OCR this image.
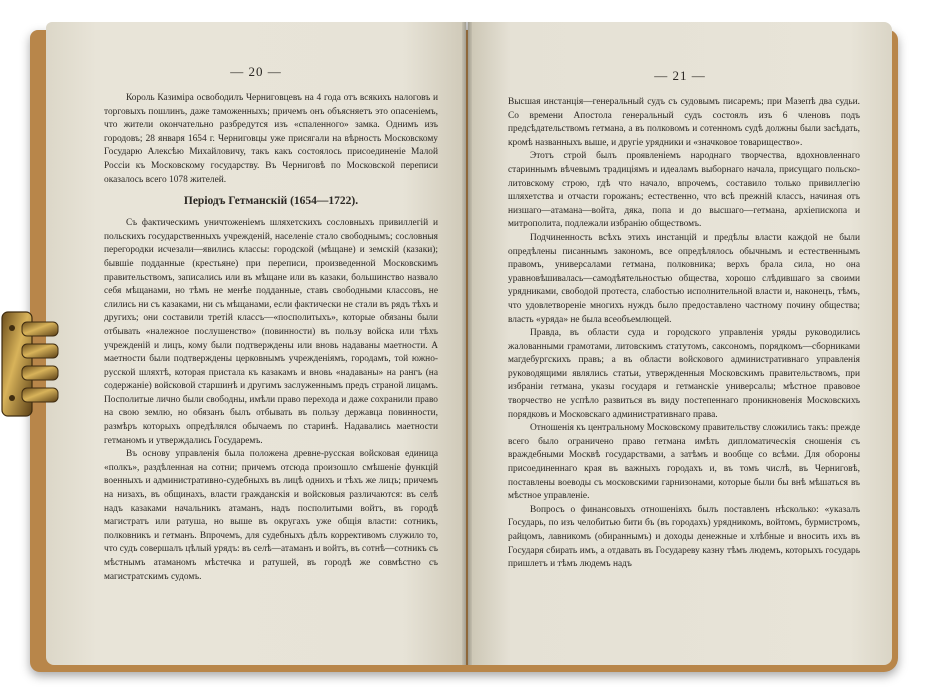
— 20 —

Король Казиміра освободилъ Черниговцевъ на 4 года отъ всякихъ налоговъ и торговыхъ пошлинъ, даже таможенныхъ; причемъ онъ объясняетъ это опасеніемъ, что жители окончательно разбредутся изъ «спаленного» замка. Однимъ изъ городовъ; 28 января 1654 г. Черниговцы уже присягали на вѣрность Московскому Государю Алексѣю Михайловичу, такъ какъ состоялось присоединеніе Малой Россіи къ Московскому государству. Въ Черниговѣ по Московской переписи оказалось всего 1078 жителей.

Періодъ Гетманскій (1654—1722).

Съ фактическимъ уничтоженіемъ шляхетскихъ сословныхъ привиллегій и польскихъ государственныхъ учрежденій, населеніе стало свободнымъ; сословныя перегородки исчезали—явились классы: городской (мѣщане) и земскій (казаки); бывшіе подданные (крестьяне) при переписи, произведенной Московскимъ правительствомъ, записались или въ мѣщане или въ казаки, большинство назвало себя мѣщанами, но тѣмъ не менѣе подданные, ставъ свободными классовъ, не слились ни съ казаками, ни съ мѣщанами, если фактически не стали въ рядъ тѣхъ и другихъ; они составили третій классъ—«посполитыхъ», которые обязаны были отбывать «належное послушенство» (повинности) въ пользу войска или тѣхъ учрежденій и лицъ, кому были подтверждены или вновь надаваны маетности. А маетности были подтверждены церковнымъ учрежденіямъ, городамъ, той южно-русской шляхтѣ, которая пристала къ казакамъ и вновь «надаваны» на рангъ (на содержаніе) войсковой старшинѣ и другимъ заслуженнымъ предъ страной лицамъ. Посполитые лично были свободны, имѣли право перехода и даже сохранили право на свою землю, но обязанъ былъ отбывать въ пользу державца повинности, размѣръ которыхъ опредѣлялся обычаемъ по старинѣ. Надавались маетности гетманомъ и утверждались Государемъ.

Въ основу управленія была положена древне-русская войсковая единица «полкъ», раздѣленная на сотни; причемъ отсюда произошло смѣшеніе функцій военныхъ и административно-судебныхъ въ лицѣ однихъ и тѣхъ же лицъ; причемъ на низахъ, въ общинахъ, власти гражданскія и войсковыя различаются: въ селѣ надъ казаками начальникъ атаманъ, надъ посполитыми войтъ, въ городѣ магистратъ или ратуша, но выше въ округахъ уже общія власти: сотникъ, полковникъ и гетманъ. Впрочемъ, для судебныхъ дѣлъ коррективомъ служило то, что судъ совершалъ цѣлый урядъ: въ селѣ—атаманъ и войтъ, въ сотнѣ—сотникъ съ мѣстнымъ атаманомъ мѣстечка и ратушей, въ городѣ же совмѣстно съ магистратскимъ судомъ.

— 21 —

Высшая инстанція—генеральный судъ съ судовымъ писаремъ; при Мазепѣ два судьи. Со времени Апостола генеральный судъ состоялъ изъ 6 членовъ подъ предсѣдательствомъ гетмана, а въ полковомъ и сотенномъ судѣ должны были засѣдать, кромѣ названныхъ выше, и другіе урядники и «значковое товарищество».

Этотъ строй былъ проявленіемъ народнаго творчества, вдохновленнаго стариннымъ вѣчевымъ традиціямъ и идеаламъ выборнаго начала, присущаго польско-литовскому строю, гдѣ что начало, впрочемъ, составило только привиллегію шляхетства и отчасти горожанъ; естественно, что всѣ прежній классъ, начиная отъ низшаго—атамана—войта, дяка, попа и до высшаго—гетмана, архіепископа и митрополита, подлежали избранію обществомъ.

Подчиненность всѣхъ этихъ инстанцій и предѣлы власти каждой не были опредѣлены писаннымъ закономъ, все опредѣлялось обычнымъ и естественнымъ правомъ, универсалами гетмана, полковника; верхъ брала сила, но она уравновѣшивалась—самодѣятельностью общества, хорошо слѣдившаго за своими урядниками, свободой протеста, слабостью исполнительной власти и, наконецъ, тѣмъ, что удовлетвореніе многихъ нуждъ было предоставлено частному почину общества; власть «уряда» не была всеобъемлющей.

Правда, въ области суда и городского управленія уряды руководились жалованными грамотами, литовскимъ статутомъ, саксономъ, порядкомъ—сборниками магдебургскихъ правъ; а въ области войскового административнаго управленія руководящими являлись статьи, утвержденныя Московскимъ правительствомъ, при избраніи гетмана, указы государя и гетманскіе универсалы; мѣстное правовое творчество не успѣло развиться въ виду постепеннаго проникновенія Московскихъ порядковъ и Московскаго административнаго права.

Отношенія къ центральному Московскому правительству сложились такъ: прежде всего было ограничено право гетмана имѣть дипломатическія сношенія съ враждебными Москвѣ государствами, а затѣмъ и вообще со всѣми. Для обороны присоединеннаго края въ важныхъ городахъ и, въ томъ числѣ, въ Черниговѣ, поставлены воеводы съ московскими гарнизонами, которые были бы внѣ мѣшаться въ мѣстное управленіе.

Вопросъ о финансовыхъ отношеніяхъ былъ поставленъ нѣсколько: «указалъ Государь, по изъ челобитью бити бъ (въ городахъ) урядникомъ, войтомъ, бурмистромъ, райцомъ, лавникомъ (обираннымъ) и доходы денежные и хлѣбные и вносить ихъ въ Государя сбирать имъ, а отдавать въ Государеву казну тѣмъ людемъ, которыхъ государь пришлетъ и тѣмъ людемъ надъ
